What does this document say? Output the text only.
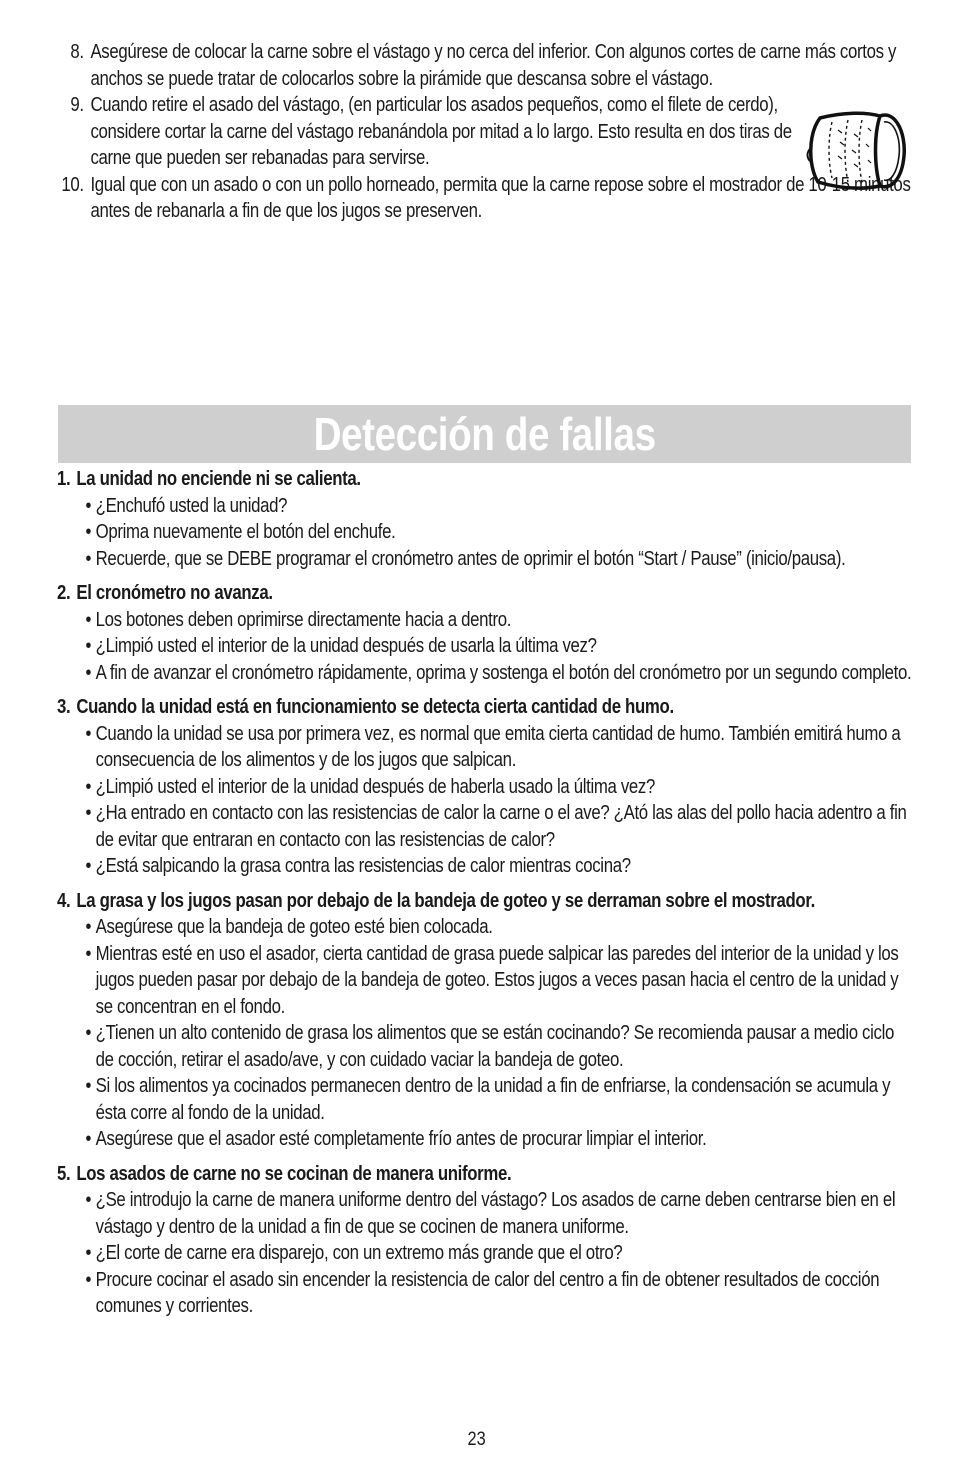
8. Asegúrese de colocar la carne sobre el vástago y no cerca del inferior. Con algunos cortes de carne más cortos y anchos se puede tratar de colocarlos sobre la pirámide que descansa sobre el vástago.
9. Cuando retire el asado del vástago, (en particular los asados pequeños, como el filete de cerdo), considere cortar la carne del vástago rebanándola por mitad a lo largo. Esto resulta en dos tiras de carne que pueden ser rebanadas para servirse.
10. Igual que con un asado o con un pollo horneado, permita que la carne repose sobre el mostrador de 10-15 minutos antes de rebanarla a fin de que los jugos se preserven.
Detección de fallas
1. La unidad no enciende ni se calienta.
• ¿Enchufó usted la unidad?
• Oprima nuevamente el botón del enchufe.
• Recuerde, que se DEBE programar el cronómetro antes de oprimir el botón “Start / Pause” (inicio/pausa).
2. El cronómetro no avanza.
• Los botones deben oprimirse directamente hacia a dentro.
• ¿Limpió usted el interior de la unidad después de usarla la última vez?
• A fin de avanzar el cronómetro rápidamente, oprima y sostenga el botón del cronómetro por un segundo completo.
3. Cuando la unidad está en funcionamiento se detecta cierta cantidad de humo.
• Cuando la unidad se usa por primera vez, es normal que emita cierta cantidad de humo. También emitirá humo a consecuencia de los alimentos y de los jugos que salpican.
• ¿Limpió usted el interior de la unidad después de haberla usado la última vez?
• ¿Ha entrado en contacto con las resistencias de calor la carne o el ave? ¿Ató las alas del pollo hacia adentro a fin de evitar que entraran en contacto con las resistencias de calor?
• ¿Está salpicando la grasa contra las resistencias de calor mientras cocina?
4. La grasa y los jugos pasan por debajo de la bandeja de goteo y se derraman sobre el mostrador.
• Asegúrese que la bandeja de goteo esté bien colocada.
• Mientras esté en uso el asador, cierta cantidad de grasa puede salpicar las paredes del interior de la unidad y los jugos pueden pasar por debajo de la bandeja de goteo. Estos jugos a veces pasan hacia el centro de la unidad y se concentran en el fondo.
• ¿Tienen un alto contenido de grasa los alimentos que se están cocinando? Se recomienda pausar a medio ciclo de cocción, retirar el asado/ave, y con cuidado vaciar la bandeja de goteo.
• Si los alimentos ya cocinados permanecen dentro de la unidad a fin de enfriarse, la condensación se acumula y ésta corre al fondo de la unidad.
• Asegúrese que el asador esté completamente frío antes de procurar limpiar el interior.
5. Los asados de carne no se cocinan de manera uniforme.
• ¿Se introdujo la carne de manera uniforme dentro del vástago? Los asados de carne deben centrarse bien en el vástago y dentro de la unidad a fin de que se cocinen de manera uniforme.
• ¿El corte de carne era disparejo, con un extremo más grande que el otro?
• Procure cocinar el asado sin encender la resistencia de calor del centro a fin de obtener resultados de cocción comunes y corrientes.
23
